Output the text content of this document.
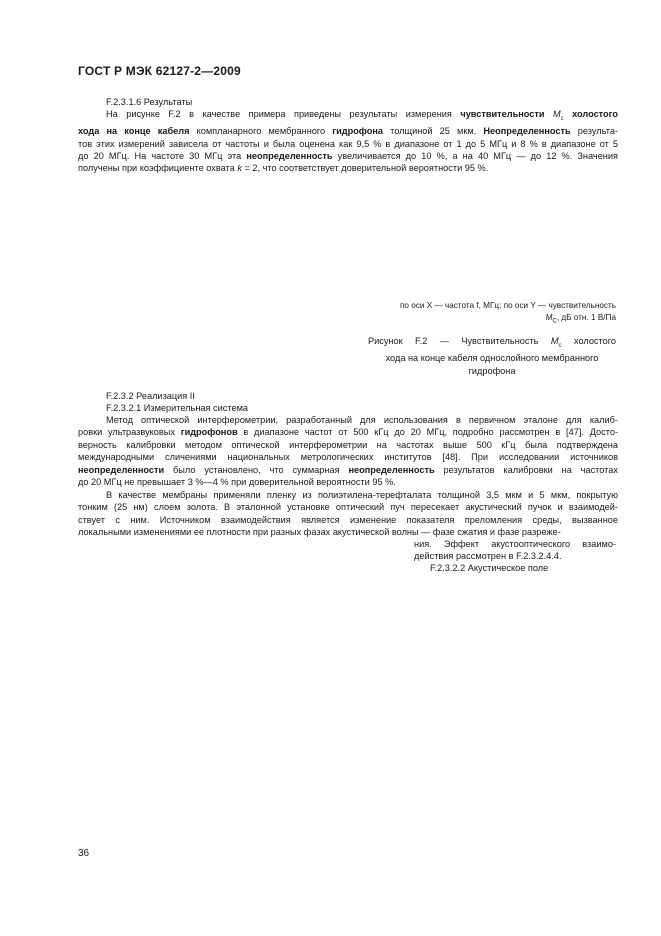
ГОСТ Р МЭК 62127-2—2009
F.2.3.1.6 Результаты
На рисунке F.2 в качестве примера приведены результаты измерения чувствительности $M_c$ холостого
хода на конце кабеля компланарного мембранного гидрофона толщиной 25 мкм. Неопределенность результа-
тов этих измерений зависела от частоты и была оценена как 9,5 % в диапазоне от 1 до 5 МГц и 8 % в диапазоне от 5
до 20 МГц. На частоте 30 МГц эта неопределенность увеличивается до 10 %, а на 40 МГц — до 12 %. Значения
получены при коэффициенте охвата k = 2, что соответствует доверительной вероятности 95 %.
по оси X — частота f, МГц; по оси Y — чувствительность
$M_C$, дБ отн. 1 В/Па
Рисунок F.2 — Чувствительность $M_c$ холостого
хода на конце кабеля однослойного мембранного
гидрофона
F.2.3.2 Реализация II
F.2.3.2.1 Измерительная система
Метод оптической интерферометрии, разработанный для использования в первичном эталоне для калиб-
ровки ультразвуковых гидрофонов в диапазоне частот от 500 кГц до 20 МГц, подробно рассмотрен в [47]. Досто-
верность калибровки методом оптической интерферометрии на частотах выше 500 кГц была подтверждена
международными сличениями национальных метрологических институтов [48]. При исследовании источников
неопределенности было установлено, что суммарная неопределенность результатов калибровки на частотах
до 20 МГц не превышает 3 %—4 % при доверительной вероятности 95 %.
В качестве мембраны применяли пленку из полиэтилена-терефталата толщиной 3,5 мкм и 5 мкм, покрытую
тонким (25 нм) слоем золота. В эталонной установке оптический пуч пересекает акустический пучок и взаимодей-
ствует с ним. Источником взаимодействия является изменение показателя преломления среды, вызванное
локальными изменениями ее плотности при разных фазах акустической волны — фазе сжатия и фазе разреже-
ния. Эффект акустооптического взаимо-
действия рассмотрен в F.2.3.2.4.4.
F.2.3.2.2 Акустическое поле
36
